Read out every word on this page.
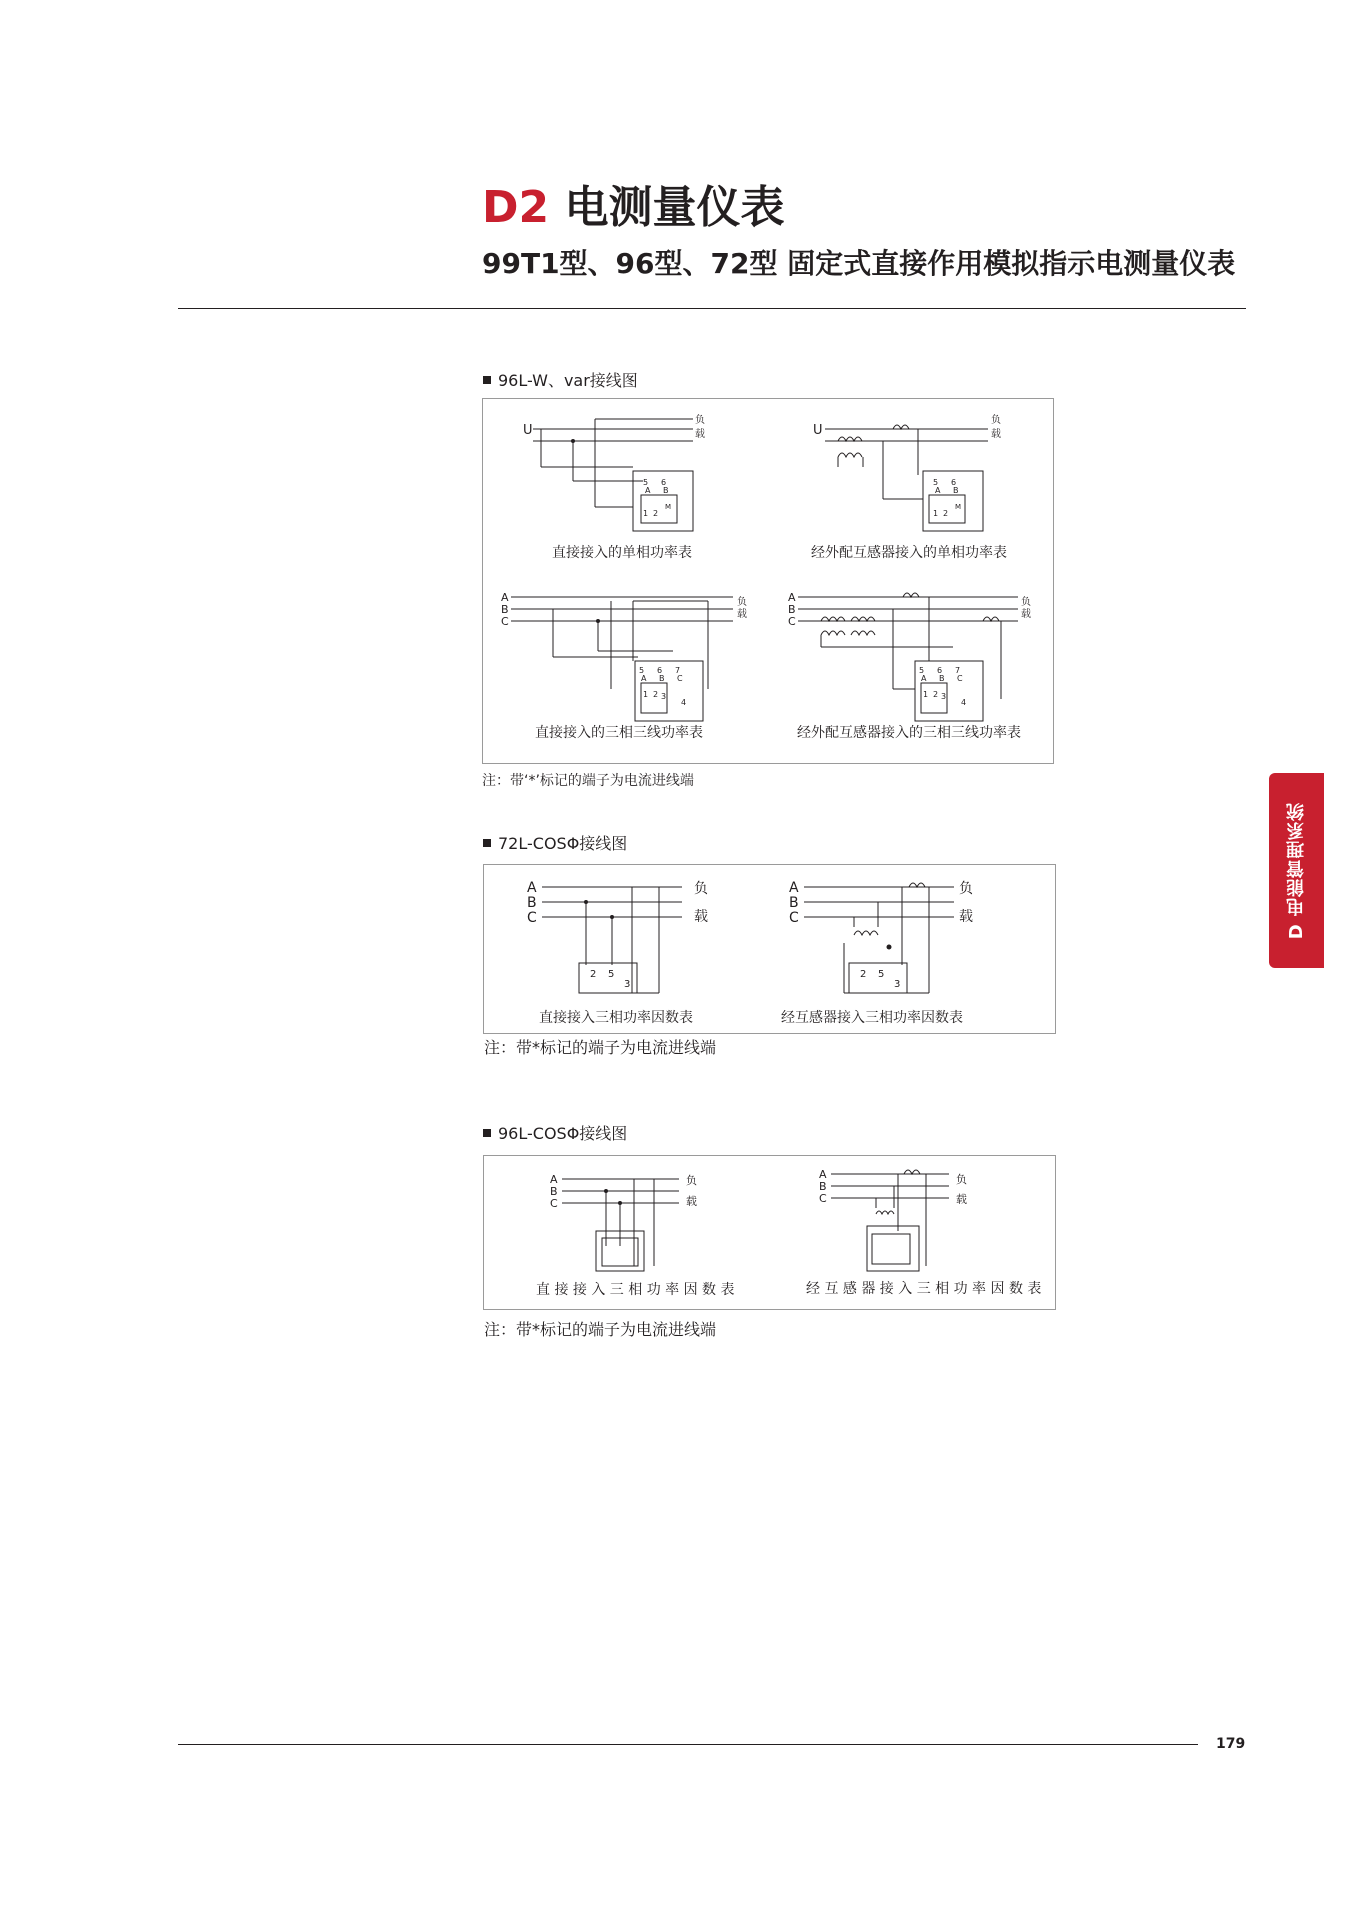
D2 电测量仪表
99T1型、96型、72型 固定式直接作用模拟指示电测量仪表
D 电能管理系统
96L-W、var接线图
U
5 6
A B
1 2
M
负
载
直接接入的单相功率表
U
5 6
A B
1 2
M
负
载
经外配互感器接入的单相功率表
A
B
C
5 6 7
A B C
1 2 3
4
负
载
直接接入的三相三线功率表
A
B
C
5 6 7
A B C
1 2 3
4
负
载
经外配互感器接入的三相三线功率表
注：带‘*’标记的端子为电流进线端
72L-COSΦ接线图
A
B
C
2 5
3
负
载
直接接入三相功率因数表
A
B
C
2 5
3
负
载
经互感器接入三相功率因数表
注：带*标记的端子为电流进线端
96L-COSΦ接线图
A
B
C
负
载
直 接 接 入 三 相 功 率 因 数 表
A
B
C
负
载
经 互 感 器 接 入 三 相 功 率 因 数 表
注：带*标记的端子为电流进线端
179
